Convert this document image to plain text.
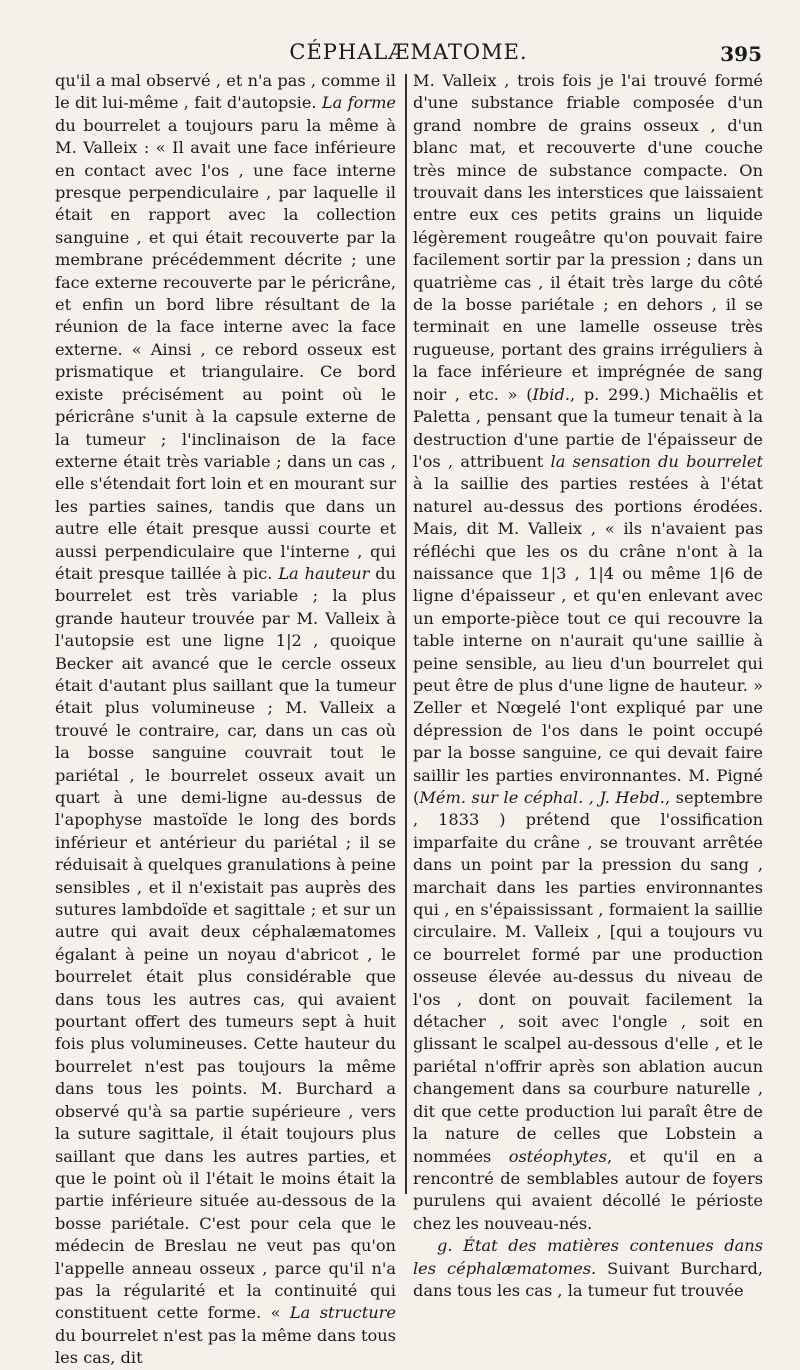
CÉPHALÆMATOME.	395

qu'il a mal observé , et n'a pas , comme il le dit lui-même , fait d'autopsie. La forme du bourrelet a toujours paru la même à M. Valleix : « Il avait une face inférieure en contact avec l'os , une face interne presque perpendiculaire , par laquelle il était en rapport avec la collection sanguine , et qui était recouverte par la membrane précédemment décrite ; une face externe recouverte par le péricrâne, et enfin un bord libre résultant de la réunion de la face interne avec la face externe. « Ainsi , ce rebord osseux est prismatique et triangulaire. Ce bord existe précisément au point où le péricrâne s'unit à la capsule externe de la tumeur ; l'inclinaison de la face externe était très variable ; dans un cas , elle s'étendait fort loin et en mourant sur les parties saines, tandis que dans un autre elle était presque aussi courte et aussi perpendiculaire que l'interne , qui était presque taillée à pic. La hauteur du bourrelet est très variable ; la plus grande hauteur trouvée par M. Valleix à l'autopsie est une ligne 1|2 , quoique Becker ait avancé que le cercle osseux était d'autant plus saillant que la tumeur était plus volumineuse ; M. Valleix a trouvé le contraire, car, dans un cas où la bosse sanguine couvrait tout le pariétal , le bourrelet osseux avait un quart à une demi-ligne au-dessus de l'apophyse mastoïde le long des bords inférieur et antérieur du pariétal ; il se réduisait à quelques granulations à peine sensibles , et il n'existait pas auprès des sutures lambdoïde et sagittale ; et sur un autre qui avait deux céphalæmatomes égalant à peine un noyau d'abricot , le bourrelet était plus considérable que dans tous les autres cas, qui avaient pourtant offert des tumeurs sept à huit fois plus volumineuses. Cette hauteur du bourrelet n'est pas toujours la même dans tous les points. M. Burchard a observé qu'à sa partie supérieure , vers la suture sagittale, il était toujours plus saillant que dans les autres parties, et que le point où il l'était le moins était la partie inférieure située au-dessous de la bosse pariétale. C'est pour cela que le médecin de Breslau ne veut pas qu'on l'appelle anneau osseux , parce qu'il n'a pas la régularité et la continuité qui constituent cette forme. « La structure du bourrelet n'est pas la même dans tous les cas, dit

M. Valleix , trois fois je l'ai trouvé formé d'une substance friable composée d'un grand nombre de grains osseux , d'un blanc mat, et recouverte d'une couche très mince de substance compacte. On trouvait dans les interstices que laissaient entre eux ces petits grains un liquide légèrement rougeâtre qu'on pouvait faire facilement sortir par la pression ; dans un quatrième cas , il était très large du côté de la bosse pariétale ; en dehors , il se terminait en une lamelle osseuse très rugueuse, portant des grains irréguliers à la face inférieure et imprégnée de sang noir , etc. » (Ibid., p. 299.) Michaëlis et Paletta , pensant que la tumeur tenait à la destruction d'une partie de l'épaisseur de l'os , attribuent la sensation du bourrelet à la saillie des parties restées à l'état naturel au-dessus des portions érodées. Mais, dit M. Valleix , « ils n'avaient pas réfléchi que les os du crâne n'ont à la naissance que 1|3 , 1|4 ou même 1|6 de ligne d'épaisseur , et qu'en enlevant avec un emporte-pièce tout ce qui recouvre la table interne on n'aurait qu'une saillie à peine sensible, au lieu d'un bourrelet qui peut être de plus d'une ligne de hauteur. » Zeller et Nœgelé l'ont expliqué par une dépression de l'os dans le point occupé par la bosse sanguine, ce qui devait faire saillir les parties environnantes. M. Pigné (Mém. sur le céphal. , J. Hebd., septembre , 1833 ) prétend que l'ossification imparfaite du crâne , se trouvant arrêtée dans un point par la pression du sang , marchait dans les parties environnantes qui , en s'épaississant , formaient la saillie circulaire. M. Valleix , [qui a toujours vu ce bourrelet formé par une production osseuse élevée au-dessus du niveau de l'os , dont on pouvait facilement la détacher , soit avec l'ongle , soit en glissant le scalpel au-dessous d'elle , et le pariétal n'offrir après son ablation aucun changement dans sa courbure naturelle , dit que cette production lui paraît être de la nature de celles que Lobstein a nommées ostéophytes, et qu'il en a rencontré de semblables autour de foyers purulens qui avaient décollé le périoste chez les nouveau-nés.

g. État des matières contenues dans les céphalæmatomes. Suivant Burchard, dans tous les cas , la tumeur fut trouvée
